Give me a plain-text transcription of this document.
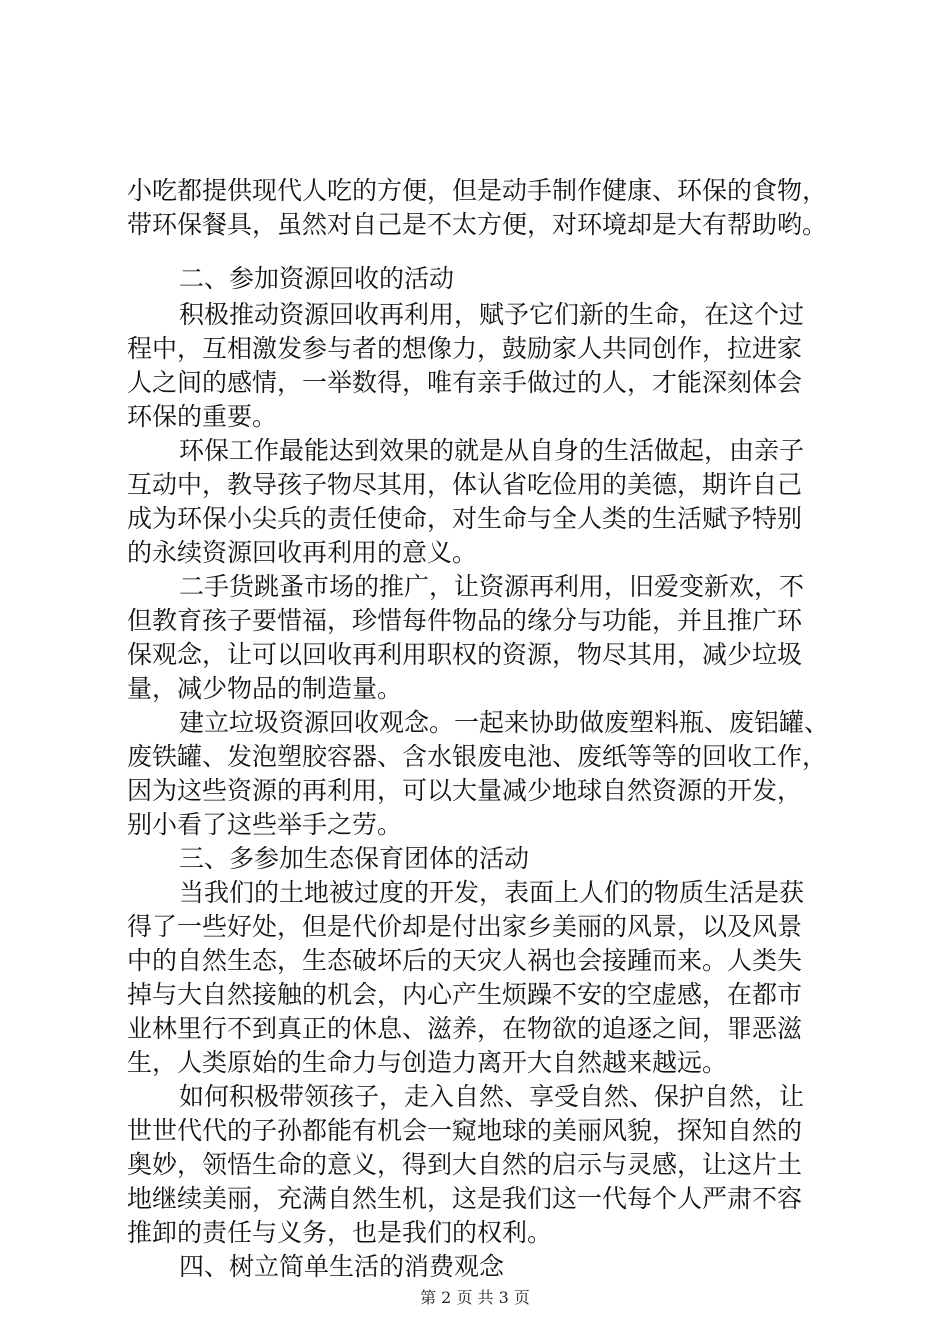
小吃都提供现代人吃的方便，但是动手制作健康、环保的食物，
带环保餐具，虽然对自己是不太方便，对环境却是大有帮助哟。
二、参加资源回收的活动
积极推动资源回收再利用，赋予它们新的生命，在这个过
程中，互相激发参与者的想像力，鼓励家人共同创作，拉进家
人之间的感情，一举数得，唯有亲手做过的人，才能深刻体会
环保的重要。
环保工作最能达到效果的就是从自身的生活做起，由亲子
互动中，教导孩子物尽其用，体认省吃俭用的美德，期许自己
成为环保小尖兵的责任使命，对生命与全人类的生活赋予特别
的永续资源回收再利用的意义。
二手货跳蚤市场的推广，让资源再利用，旧爱变新欢，不
但教育孩子要惜福，珍惜每件物品的缘分与功能，并且推广环
保观念，让可以回收再利用职权的资源，物尽其用，减少垃圾
量，减少物品的制造量。
建立垃圾资源回收观念。一起来协助做废塑料瓶、废铝罐、
废铁罐、发泡塑胶容器、含水银废电池、废纸等等的回收工作，
因为这些资源的再利用，可以大量减少地球自然资源的开发，
别小看了这些举手之劳。
三、多参加生态保育团体的活动
当我们的土地被过度的开发，表面上人们的物质生活是获
得了一些好处，但是代价却是付出家乡美丽的风景，以及风景
中的自然生态，生态破坏后的天灾人祸也会接踵而来。人类失
掉与大自然接触的机会，内心产生烦躁不安的空虚感，在都市
业林里行不到真正的休息、滋养，在物欲的追逐之间，罪恶滋
生，人类原始的生命力与创造力离开大自然越来越远。
如何积极带领孩子，走入自然、享受自然、保护自然，让
世世代代的子孙都能有机会一窥地球的美丽风貌，探知自然的
奥妙，领悟生命的意义，得到大自然的启示与灵感，让这片土
地继续美丽，充满自然生机，这是我们这一代每个人严肃不容
推卸的责任与义务，也是我们的权利。
四、树立简单生活的消费观念
第 2 页 共 3 页
